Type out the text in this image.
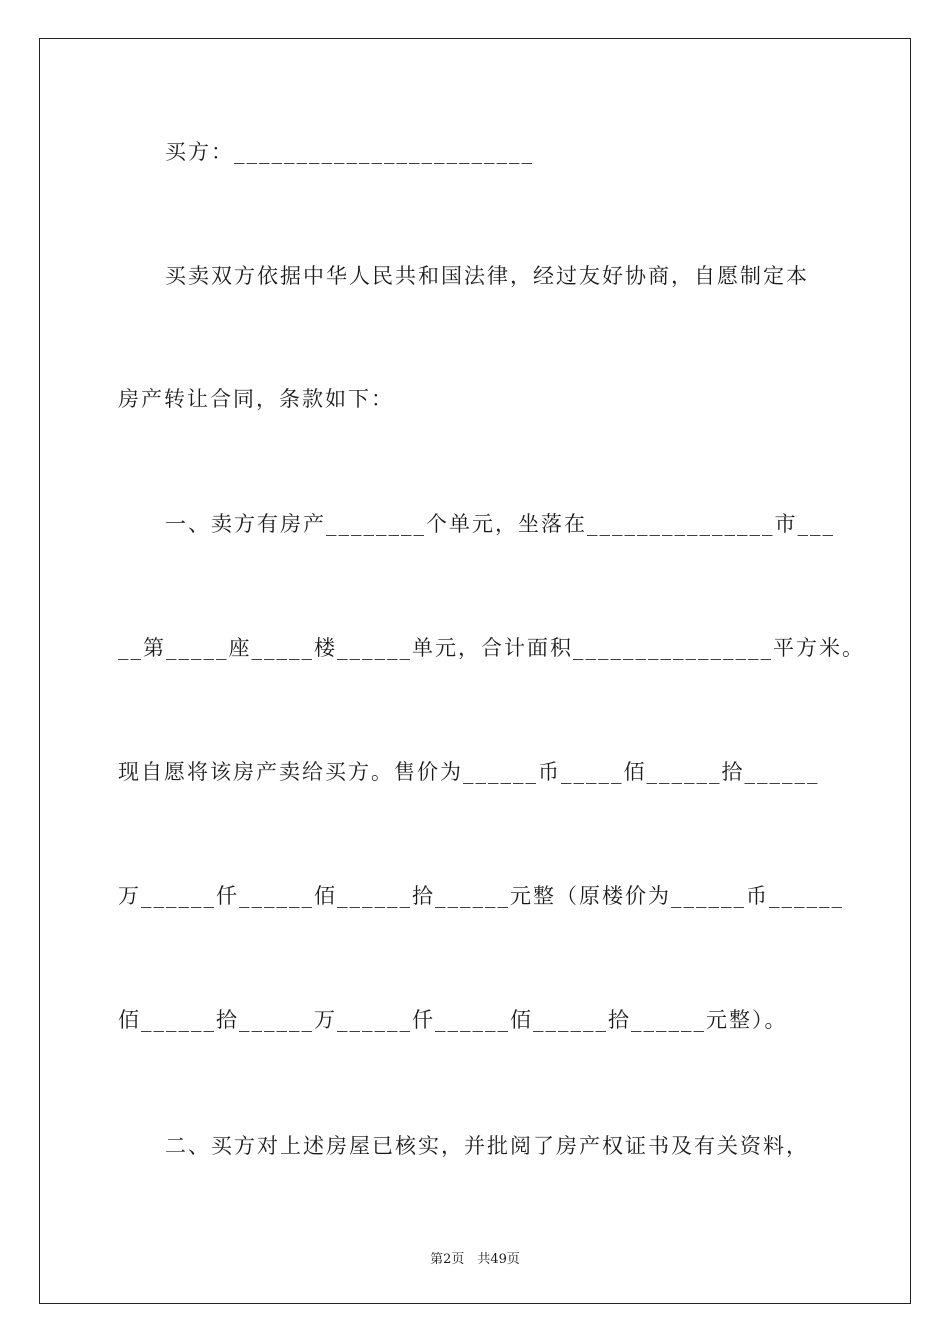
买方：________________________
买卖双方依据中华人民共和国法律，经过友好协商，自愿制定本
房产转让合同，条款如下：
一、卖方有房产________个单元，坐落在_______________市___
__第_____座_____楼______单元，合计面积________________平方米。
现自愿将该房产卖给买方。售价为______币_____佰______拾______
万______仟______佰______拾______元整（原楼价为______币______
佰______拾______万______仟______佰______拾______元整）。
二、买方对上述房屋已核实，并批阅了房产权证书及有关资料，
第2页　共49页
